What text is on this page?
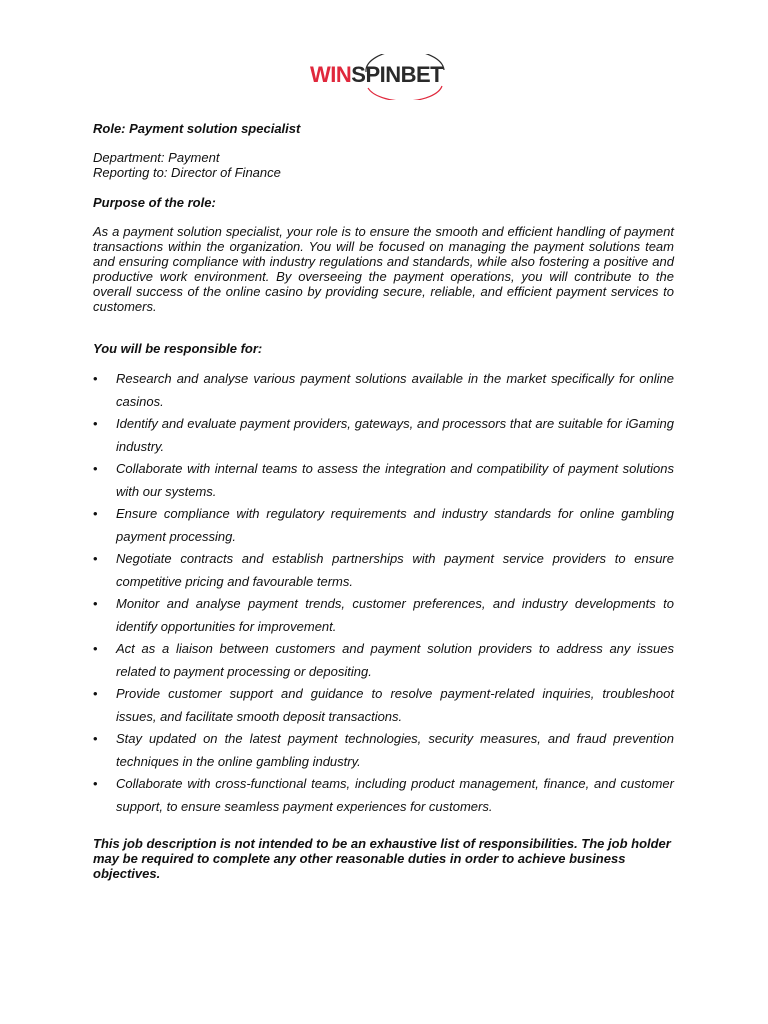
WINSPINBET
Role: Payment solution specialist
Department: Payment
Reporting to: Director of Finance
Purpose of the role:
As a payment solution specialist, your role is to ensure the smooth and efficient handling of payment transactions within the organization. You will be focused on managing the payment solutions team and ensuring compliance with industry regulations and standards, while also fostering a positive and productive work environment. By overseeing the payment operations, you will contribute to the overall success of the online casino by providing secure, reliable, and efficient payment services to customers.
You will be responsible for:
• Research and analyse various payment solutions available in the market specifically for online casinos.
• Identify and evaluate payment providers, gateways, and processors that are suitable for iGaming industry.
• Collaborate with internal teams to assess the integration and compatibility of payment solutions with our systems.
• Ensure compliance with regulatory requirements and industry standards for online gambling payment processing.
• Negotiate contracts and establish partnerships with payment service providers to ensure competitive pricing and favourable terms.
• Monitor and analyse payment trends, customer preferences, and industry developments to identify opportunities for improvement.
• Act as a liaison between customers and payment solution providers to address any issues related to payment processing or depositing.
• Provide customer support and guidance to resolve payment-related inquiries, troubleshoot issues, and facilitate smooth deposit transactions.
• Stay updated on the latest payment technologies, security measures, and fraud prevention techniques in the online gambling industry.
• Collaborate with cross-functional teams, including product management, finance, and customer support, to ensure seamless payment experiences for customers.
This job description is not intended to be an exhaustive list of responsibilities. The job holder may be required to complete any other reasonable duties in order to achieve business objectives.
